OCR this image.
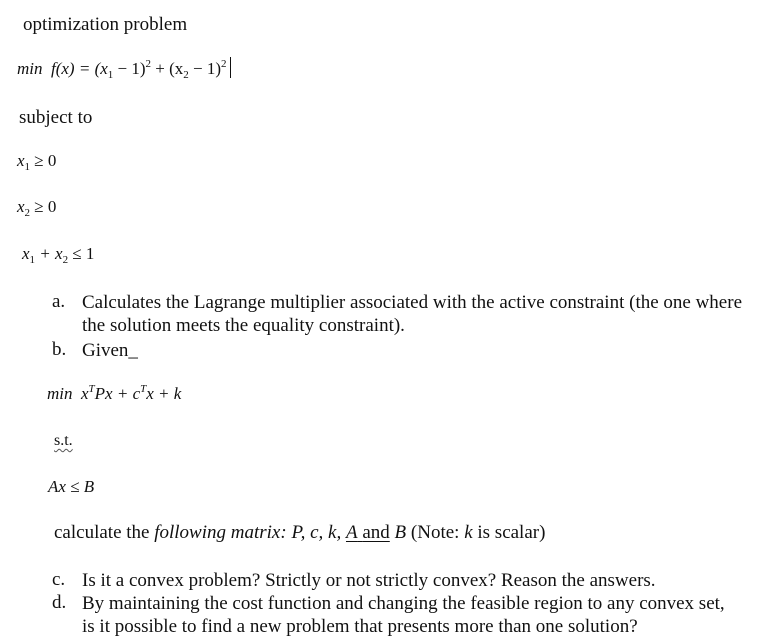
optimization problem
$\min f(x) = (x_1 - 1)^2 + (x_2 - 1)^2$
subject to
$x_1 \ge 0$
$x_2 \ge 0$
$x_1 + x_2 \le 1$
a. Calculates the Lagrange multiplier associated with the active constraint (the one where the solution meets the equality constraint).
b. Given_
$\min x^TPx + c^Tx + k$
s.t.
Ax ≤ B
calculate the following matrix: P, c, k, A and B (Note: k is scalar)
c. Is it a convex problem? Strictly or not strictly convex? Reason the answers.
d. By maintaining the cost function and changing the feasible region to any convex set, is it possible to find a new problem that presents more than one solution?
